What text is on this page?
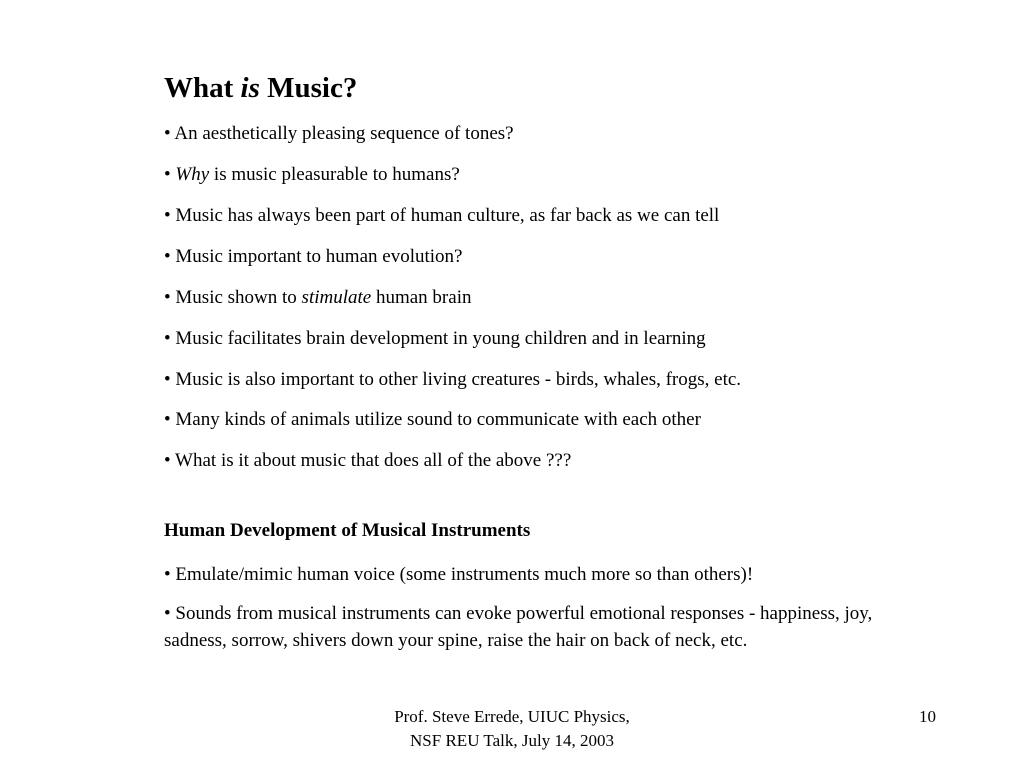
What is Music?

• An aesthetically pleasing sequence of tones?

• Why is music pleasurable to humans?

• Music has always been part of human culture, as far back as we can tell

• Music important to human evolution?

• Music shown to stimulate human brain

• Music facilitates brain development in young children and in learning

• Music is also important to other living creatures - birds, whales, frogs, etc.

• Many kinds of animals utilize sound to communicate with each other

• What is it about music that does all of the above ???

Human Development of Musical Instruments

• Emulate/mimic human voice (some instruments much more so than others)!

• Sounds from musical instruments can evoke powerful emotional responses - happiness, joy, sadness, sorrow, shivers down your spine, raise the hair on back of neck, etc.

Prof. Steve Errede, UIUC Physics,
NSF REU Talk, July 14, 2003
10
